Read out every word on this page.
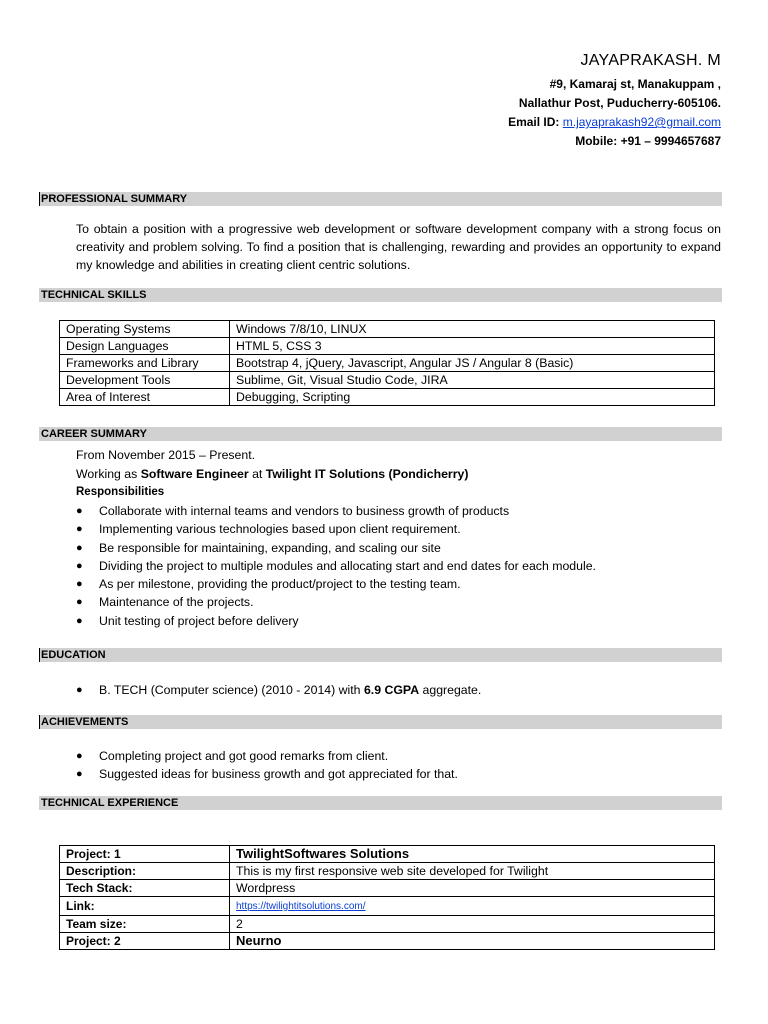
JAYAPRAKASH. M
#9, Kamaraj st, Manakuppam ,
Nallathur Post, Puducherry-605106.
Email ID: m.jayaprakash92@gmail.com
Mobile: +91 – 9994657687
PROFESSIONAL SUMMARY
To obtain a position with a progressive web development or software development company with a strong focus on creativity and problem solving. To find a position that is challenging, rewarding and provides an opportunity to expand my knowledge and abilities in creating client centric solutions.
TECHNICAL SKILLS
Operating Systems	Windows 7/8/10, LINUX
Design Languages	HTML 5, CSS 3
Frameworks and Library	Bootstrap 4, jQuery, Javascript, Angular JS / Angular 8 (Basic)
Development Tools	Sublime, Git, Visual Studio Code, JIRA
Area of Interest	Debugging, Scripting
CAREER SUMMARY
From November 2015 – Present.
Working as Software Engineer at Twilight IT Solutions (Pondicherry)
Responsibilities
● Collaborate with internal teams and vendors to business growth of products
● Implementing various technologies based upon client requirement.
● Be responsible for maintaining, expanding, and scaling our site
● Dividing the project to multiple modules and allocating start and end dates for each module.
● As per milestone, providing the product/project to the testing team.
● Maintenance of the projects.
● Unit testing of project before delivery
EDUCATION
● B. TECH (Computer science) (2010 - 2014) with 6.9 CGPA aggregate.
ACHIEVEMENTS
● Completing project and got good remarks from client.
● Suggested ideas for business growth and got appreciated for that.
TECHNICAL EXPERIENCE
Project: 1	TwilightSoftwares Solutions
Description:	This is my first responsive web site developed for Twilight
Tech Stack:	Wordpress
Link:	https://twilightitsolutions.com/
Team size:	2
Project: 2	Neurno
